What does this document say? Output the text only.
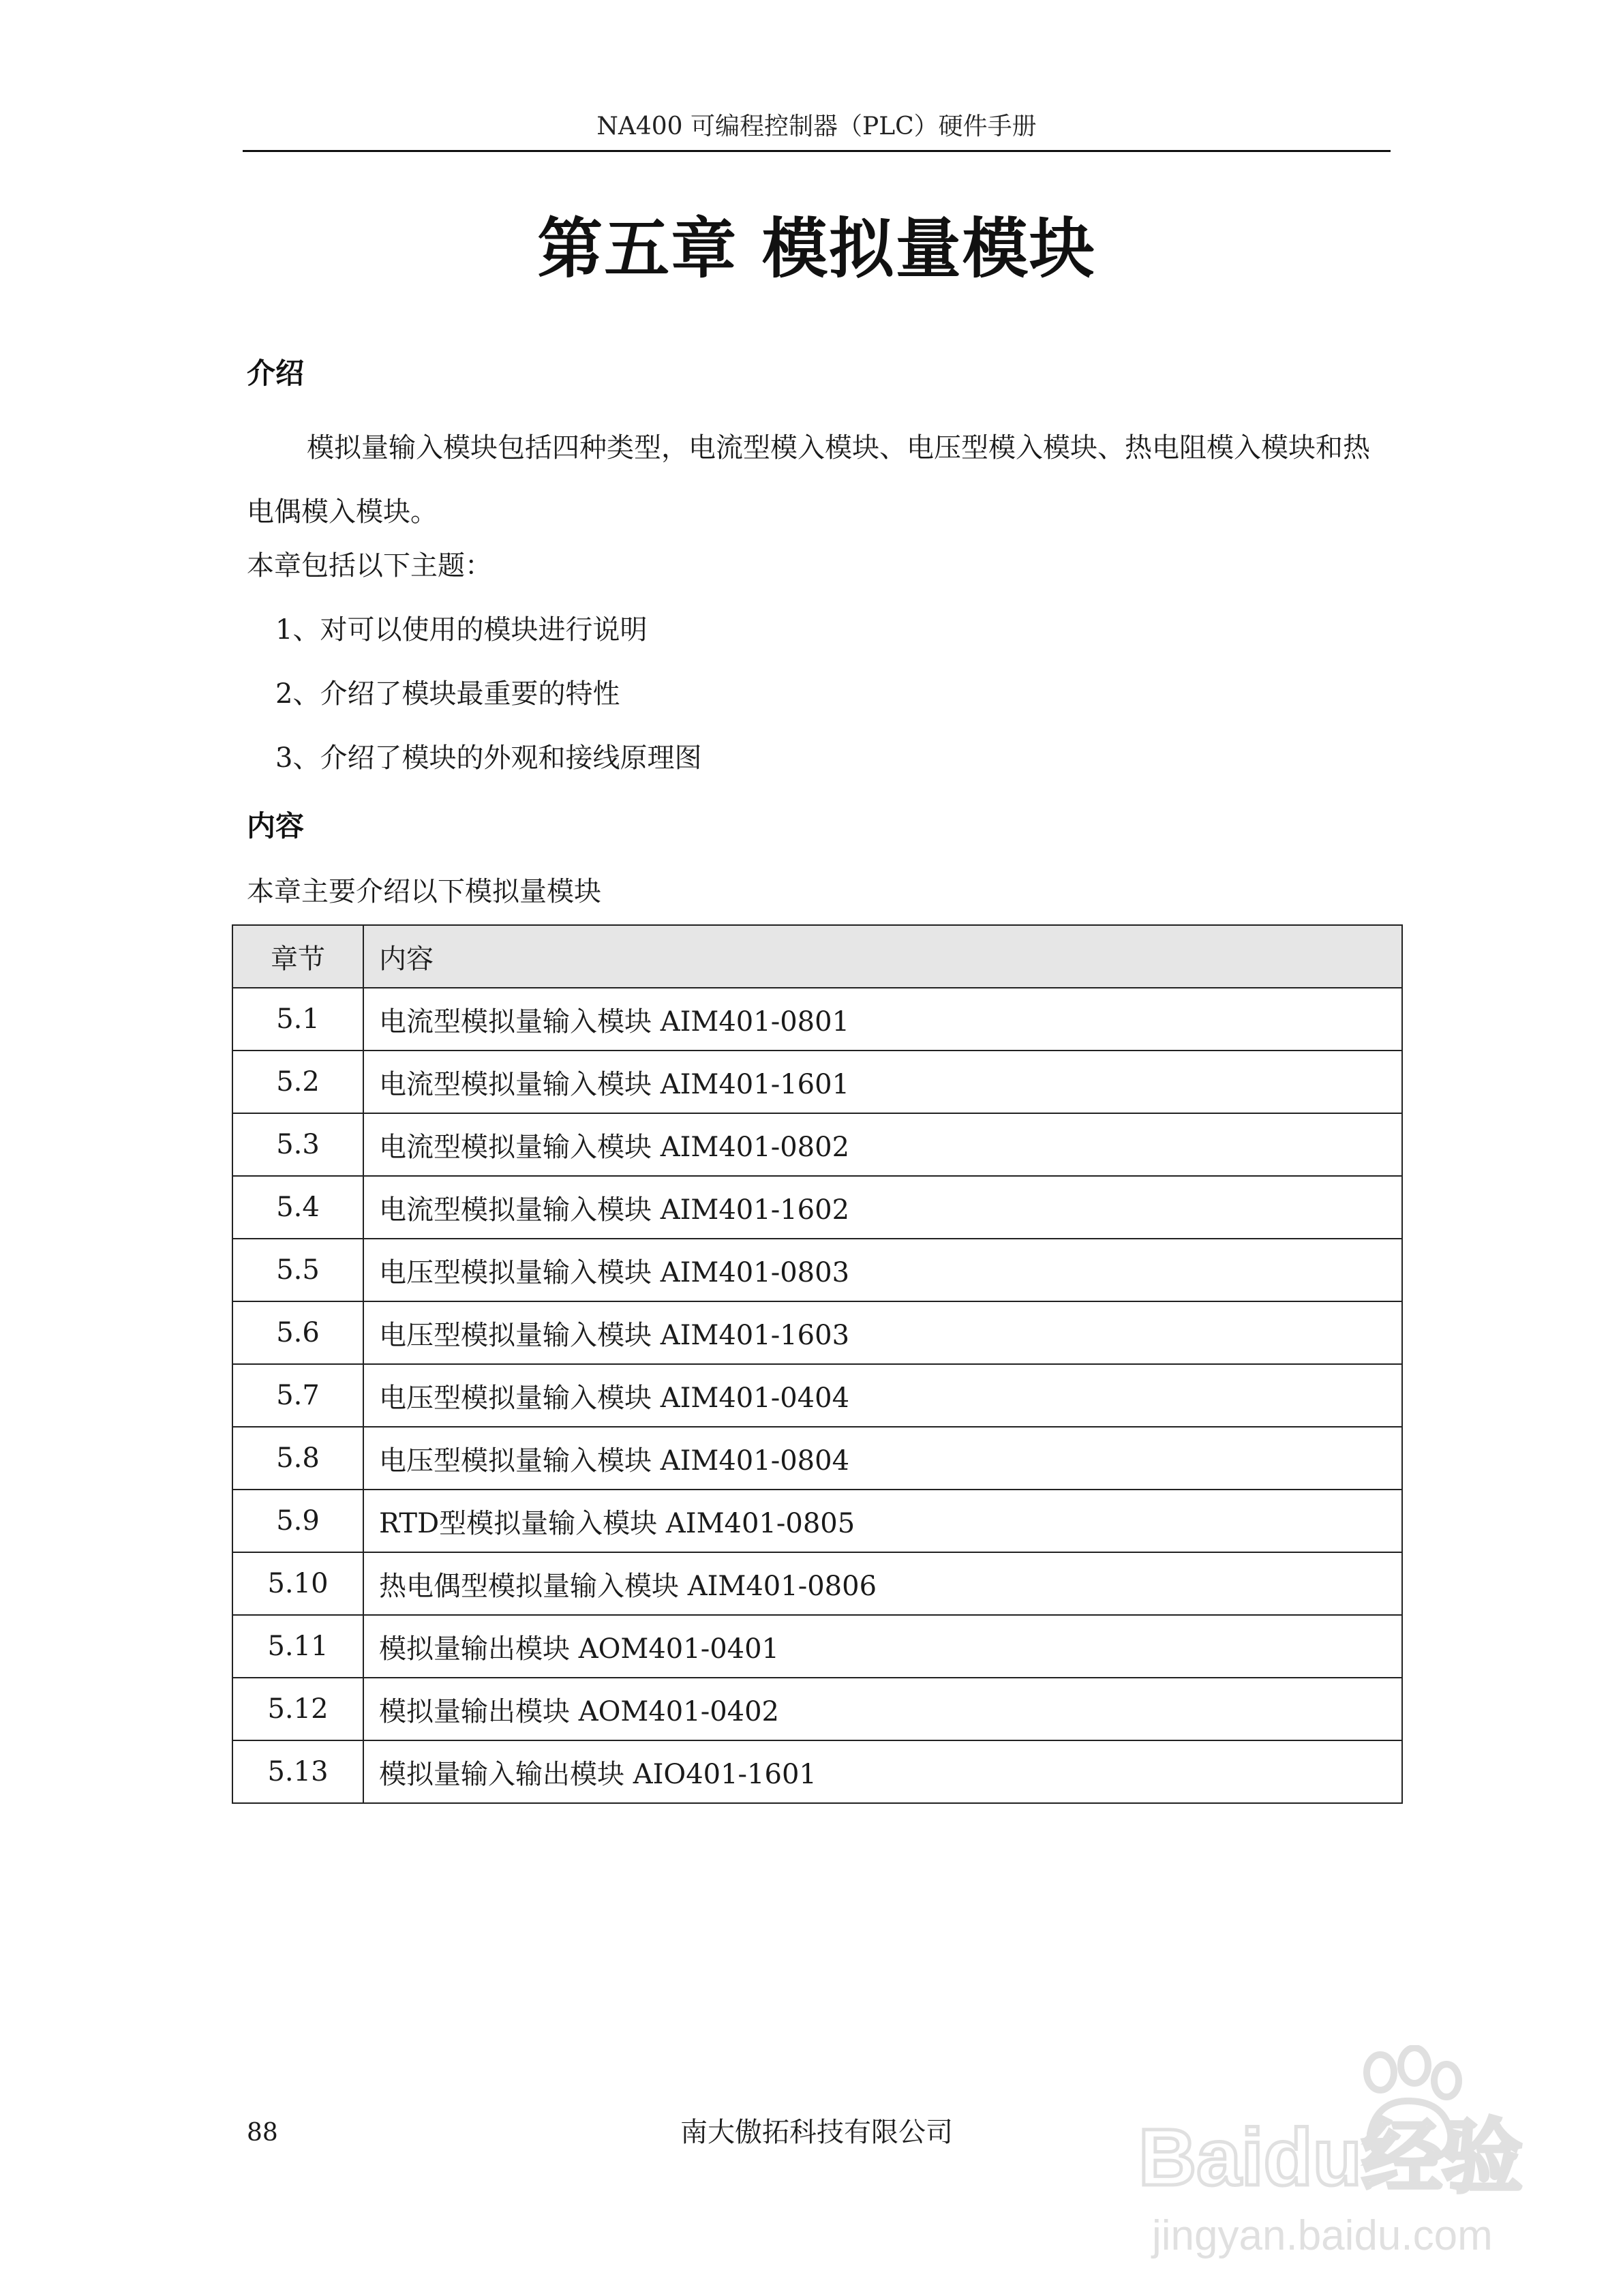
NA400 可编程控制器（PLC）硬件手册
第五章 模拟量模块
介绍
模拟量输入模块包括四种类型，电流型模入模块、电压型模入模块、热电阻模入模块和热电偶模入模块。
本章包括以下主题：
1、对可以使用的模块进行说明
2、介绍了模块最重要的特性
3、介绍了模块的外观和接线原理图
内容
本章主要介绍以下模拟量模块
章节	内容
5.1	电流型模拟量输入模块 AIM401-0801
5.2	电流型模拟量输入模块 AIM401-1601
5.3	电流型模拟量输入模块 AIM401-0802
5.4	电流型模拟量输入模块 AIM401-1602
5.5	电压型模拟量输入模块 AIM401-0803
5.6	电压型模拟量输入模块 AIM401-1603
5.7	电压型模拟量输入模块 AIM401-0404
5.8	电压型模拟量输入模块 AIM401-0804
5.9	RTD型模拟量输入模块 AIM401-0805
5.10	热电偶型模拟量输入模块 AIM401-0806
5.11	模拟量输出模块 AOM401-0401
5.12	模拟量输出模块 AOM401-0402
5.13	模拟量输入输出模块 AIO401-1601
88	南大傲拓科技有限公司	Baidu经验
jingyan.baidu.com
